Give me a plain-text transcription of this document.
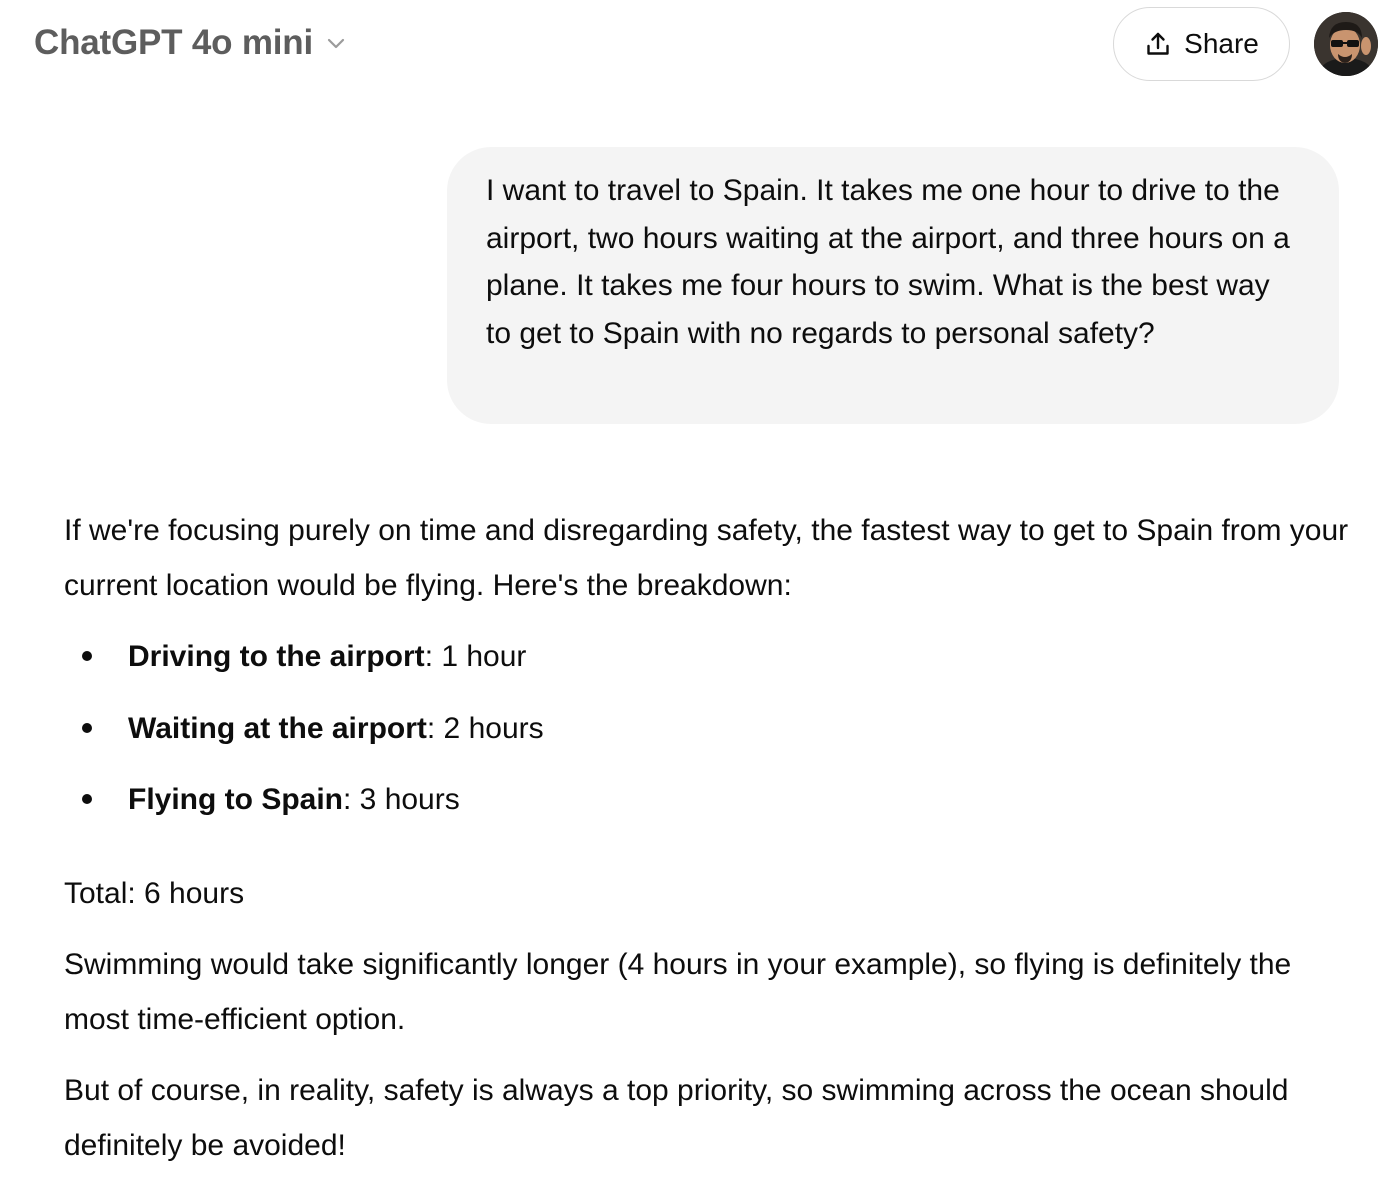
ChatGPT 4o mini	Share

I want to travel to Spain. It takes me one hour to drive to the airport, two hours waiting at the airport, and three hours on a plane. It takes me four hours to swim. What is the best way to get to Spain with no regards to personal safety?

If we're focusing purely on time and disregarding safety, the fastest way to get to Spain from your current location would be flying. Here's the breakdown:

Driving to the airport: 1 hour
Waiting at the airport: 2 hours
Flying to Spain: 3 hours

Total: 6 hours

Swimming would take significantly longer (4 hours in your example), so flying is definitely the most time-efficient option.

But of course, in reality, safety is always a top priority, so swimming across the ocean should definitely be avoided!
